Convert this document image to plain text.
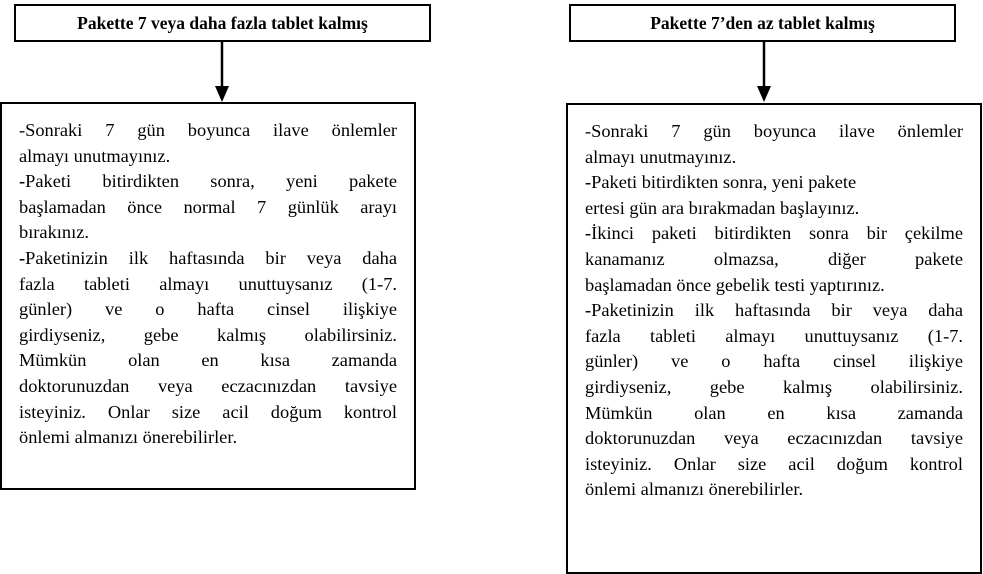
Pakette 7 veya daha fazla tablet kalmış	Pakette 7’den az tablet kalmış
-Sonraki 7 gün boyunca ilave önlemler
almayı unutmayınız.
-Paketi bitirdikten sonra, yeni pakete
başlamadan önce normal 7 günlük arayı
bırakınız.
-Paketinizin ilk haftasında bir veya daha
fazla tableti almayı unuttuysanız (1-7.
günler) ve o hafta cinsel ilişkiye
girdiyseniz, gebe kalmış olabilirsiniz.
Mümkün olan en kısa zamanda
doktorunuzdan veya eczacınızdan tavsiye
isteyiniz. Onlar size acil doğum kontrol
önlemi almanızı önerebilirler.
-Sonraki 7 gün boyunca ilave önlemler
almayı unutmayınız.
-Paketi bitirdikten sonra, yeni pakete
ertesi gün ara bırakmadan başlayınız.
-İkinci paketi bitirdikten sonra bir çekilme
kanamanız olmazsa, diğer pakete
başlamadan önce gebelik testi yaptırınız.
-Paketinizin ilk haftasında bir veya daha
fazla tableti almayı unuttuysanız (1-7.
günler) ve o hafta cinsel ilişkiye
girdiyseniz, gebe kalmış olabilirsiniz.
Mümkün olan en kısa zamanda
doktorunuzdan veya eczacınızdan tavsiye
isteyiniz. Onlar size acil doğum kontrol
önlemi almanızı önerebilirler.
